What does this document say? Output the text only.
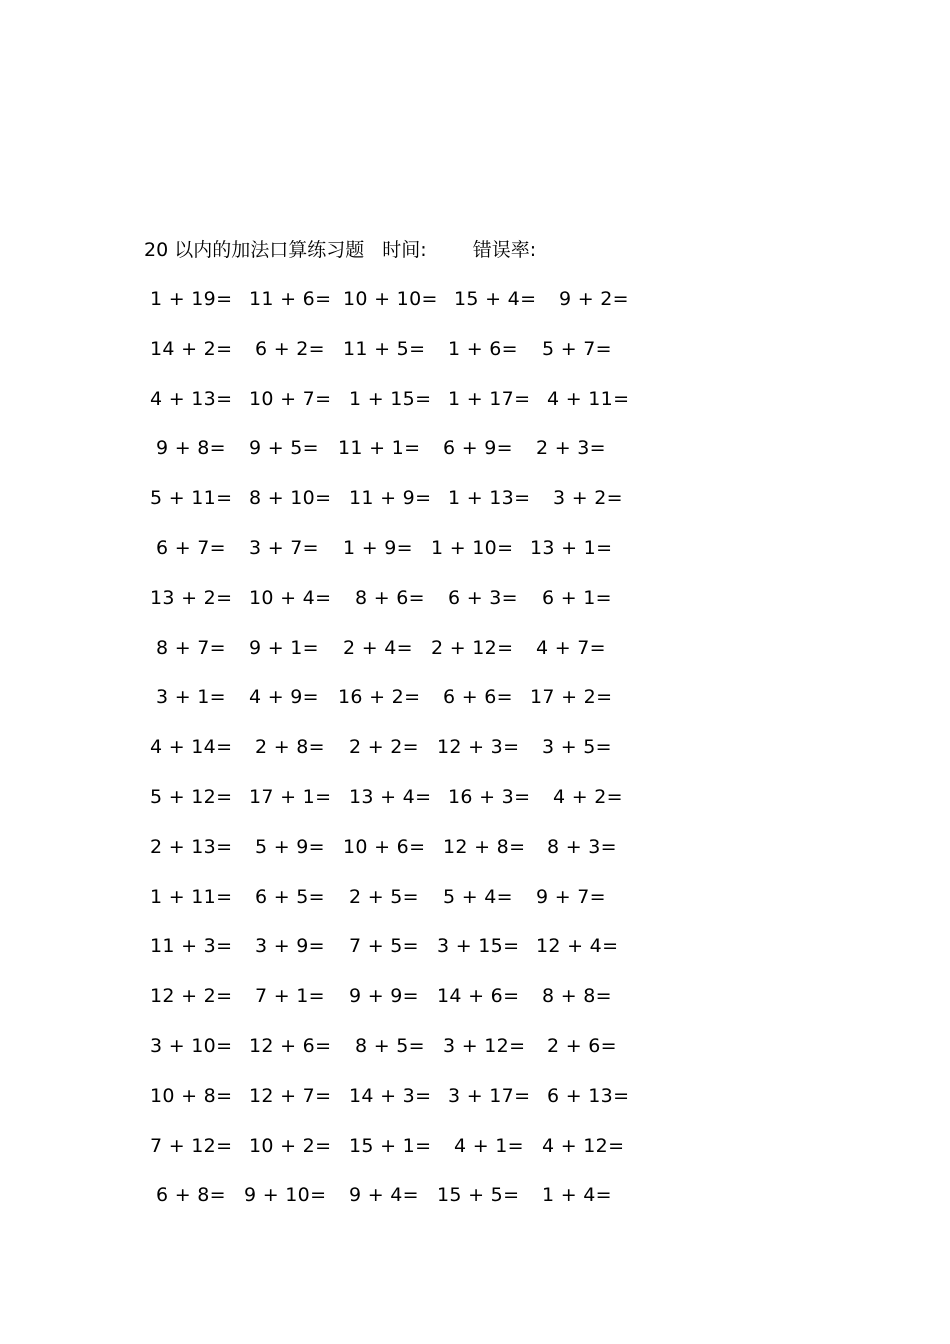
20 以内的加法口算练习题 时间: 错误率:
1 + 19= 11 + 6= 10 + 10= 15 + 4= 9 + 2=
14 + 2= 6 + 2= 11 + 5= 1 + 6= 5 + 7=
4 + 13= 10 + 7= 1 + 15= 1 + 17= 4 + 11=
9 + 8= 9 + 5= 11 + 1= 6 + 9= 2 + 3=
5 + 11= 8 + 10= 11 + 9= 1 + 13= 3 + 2=
6 + 7= 3 + 7= 1 + 9= 1 + 10= 13 + 1=
13 + 2= 10 + 4= 8 + 6= 6 + 3= 6 + 1=
8 + 7= 9 + 1= 2 + 4= 2 + 12= 4 + 7=
3 + 1= 4 + 9= 16 + 2= 6 + 6= 17 + 2=
4 + 14= 2 + 8= 2 + 2= 12 + 3= 3 + 5=
5 + 12= 17 + 1= 13 + 4= 16 + 3= 4 + 2=
2 + 13= 5 + 9= 10 + 6= 12 + 8= 8 + 3=
1 + 11= 6 + 5= 2 + 5= 5 + 4= 9 + 7=
11 + 3= 3 + 9= 7 + 5= 3 + 15= 12 + 4=
12 + 2= 7 + 1= 9 + 9= 14 + 6= 8 + 8=
3 + 10= 12 + 6= 8 + 5= 3 + 12= 2 + 6=
10 + 8= 12 + 7= 14 + 3= 3 + 17= 6 + 13=
7 + 12= 10 + 2= 15 + 1= 4 + 1= 4 + 12=
6 + 8= 9 + 10= 9 + 4= 15 + 5= 1 + 4=
